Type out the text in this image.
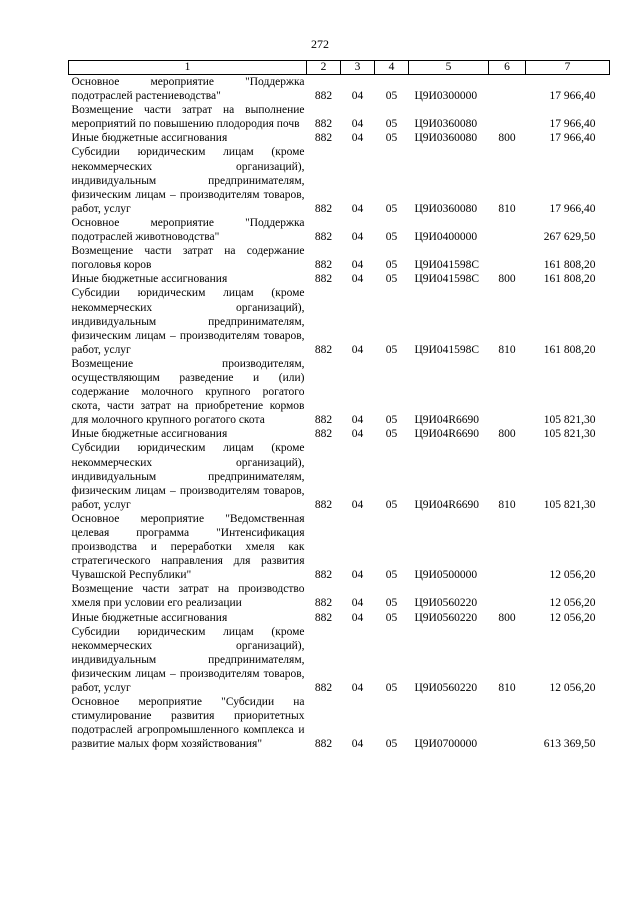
272
1	2	3	4	5	6	7
Основное мероприятие "Поддержка подотраслей растениеводства"	882	04	05	Ц9И0300000		17 966,40
Возмещение части затрат на выполнение мероприятий по повышению плодородия почв	882	04	05	Ц9И0360080		17 966,40
Иные бюджетные ассигнования	882	04	05	Ц9И0360080	800	17 966,40
Субсидии юридическим лицам (кроме некоммерческих организаций), индивидуальным предпринимателям, физическим лицам – производителям товаров, работ, услуг	882	04	05	Ц9И0360080	810	17 966,40
Основное мероприятие "Поддержка подотраслей животноводства"	882	04	05	Ц9И0400000		267 629,50
Возмещение части затрат на содержание поголовья коров	882	04	05	Ц9И041598С		161 808,20
Иные бюджетные ассигнования	882	04	05	Ц9И041598С	800	161 808,20
Субсидии юридическим лицам (кроме некоммерческих организаций), индивидуальным предпринимателям, физическим лицам – производителям товаров, работ, услуг	882	04	05	Ц9И041598С	810	161 808,20
Возмещение производителям, осуществляющим разведение и (или) содержание молочного крупного рогатого скота, части затрат на приобретение кормов для молочного крупного рогатого скота	882	04	05	Ц9И04R6690		105 821,30
Иные бюджетные ассигнования	882	04	05	Ц9И04R6690	800	105 821,30
Субсидии юридическим лицам (кроме некоммерческих организаций), индивидуальным предпринимателям, физическим лицам – производителям товаров, работ, услуг	882	04	05	Ц9И04R6690	810	105 821,30
Основное мероприятие "Ведомственная целевая программа "Интенсификация производства и переработки хмеля как стратегического направления для развития Чувашской Республики"	882	04	05	Ц9И0500000		12 056,20
Возмещение части затрат на производство хмеля при условии его реализации	882	04	05	Ц9И0560220		12 056,20
Иные бюджетные ассигнования	882	04	05	Ц9И0560220	800	12 056,20
Субсидии юридическим лицам (кроме некоммерческих организаций), индивидуальным предпринимателям, физическим лицам – производителям товаров, работ, услуг	882	04	05	Ц9И0560220	810	12 056,20
Основное мероприятие "Субсидии на стимулирование развития приоритетных подотраслей агропромышленного комплекса и развитие малых форм хозяйствования"	882	04	05	Ц9И0700000		613 369,50
